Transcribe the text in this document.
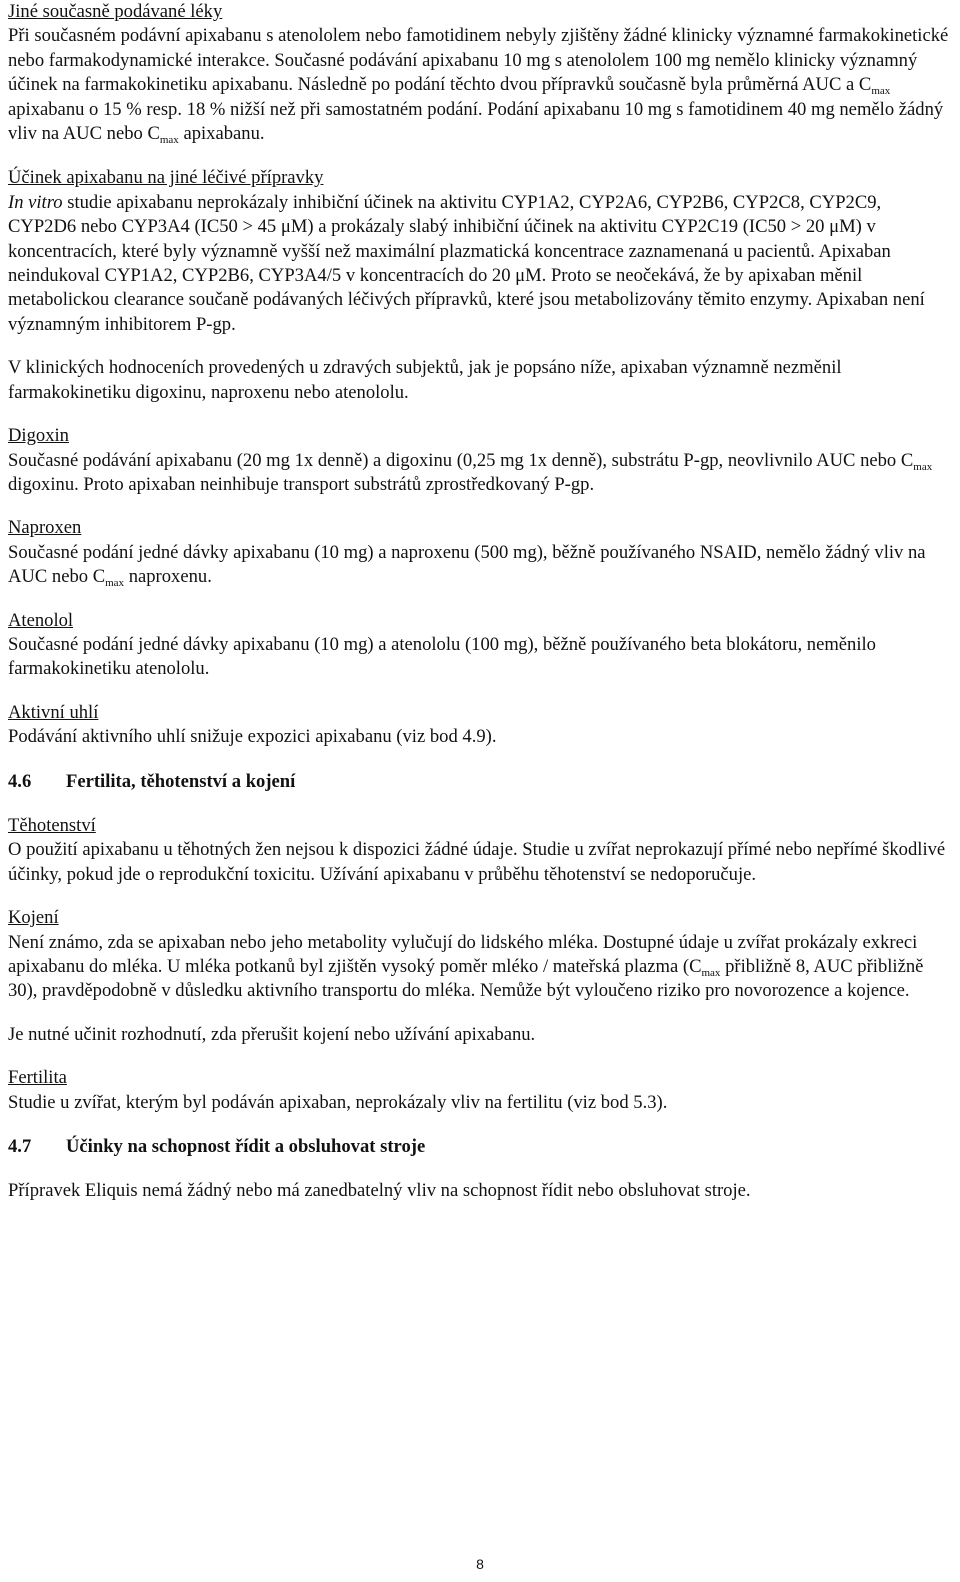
Jiné současně podávané léky
Při současném podávní apixabanu s atenololem nebo famotidinem nebyly zjištěny žádné klinicky významné farmakokinetické nebo farmakodynamické interakce. Současné podávání apixabanu 10 mg s atenololem 100 mg nemělo klinicky významný účinek na farmakokinetiku apixabanu. Následně po podání těchto dvou přípravků současně byla průměrná AUC a $C_{max}$ apixabanu o 15 % resp. 18 % nižší než při samostatném podání. Podání apixabanu 10 mg s famotidinem 40 mg nemělo žádný vliv na AUC nebo $C_{max}$ apixabanu.
Účinek apixabanu na jiné léčivé přípravky
In vitro studie apixabanu neprokázaly inhibiční účinek na aktivitu CYP1A2, CYP2A6, CYP2B6, CYP2C8, CYP2C9, CYP2D6 nebo CYP3A4 (IC50 > 45 μM) a prokázaly slabý inhibiční účinek na aktivitu CYP2C19 (IC50 > 20 μM) v koncentracích, které byly významně vyšší než maximální plazmatická koncentrace zaznamenaná u pacientů. Apixaban neindukoval CYP1A2, CYP2B6, CYP3A4/5 v koncentracích do 20 μM. Proto se neočekává, že by apixaban měnil metabolickou clearance součaně podávaných léčivých přípravků, které jsou metabolizovány těmito enzymy. Apixaban není významným inhibitorem P-gp.
V klinických hodnoceních provedených u zdravých subjektů, jak je popsáno níže, apixaban významně nezměnil farmakokinetiku digoxinu, naproxenu nebo atenololu.
Digoxin
Současné podávání apixabanu (20 mg 1x denně) a digoxinu (0,25 mg 1x denně), substrátu P-gp, neovlivnilo AUC nebo $C_{max}$ digoxinu. Proto apixaban neinhibuje transport substrátů zprostředkovaný P-gp.
Naproxen
Současné podání jedné dávky apixabanu (10 mg) a naproxenu (500 mg), běžně používaného NSAID, nemělo žádný vliv na AUC nebo $C_{max}$ naproxenu.
Atenolol
Současné podání jedné dávky apixabanu (10 mg) a atenololu (100 mg), běžně používaného beta blokátoru, neměnilo farmakokinetiku atenololu.
Aktivní uhlí
Podávání aktivního uhlí snižuje expozici apixabanu (viz bod 4.9).
4.6 Fertilita, těhotenství a kojení
Těhotenství
O použití apixabanu u těhotných žen nejsou k dispozici žádné údaje. Studie u zvířat neprokazují přímé nebo nepřímé škodlivé účinky, pokud jde o reprodukční toxicitu. Užívání apixabanu v průběhu těhotenství se nedoporučuje.
Kojení
Není známo, zda se apixaban nebo jeho metabolity vylučují do lidského mléka. Dostupné údaje u zvířat prokázaly exkreci apixabanu do mléka. U mléka potkanů byl zjištěn vysoký poměr mléko / mateřská plazma ($C_{max}$ přibližně 8, AUC přibližně 30), pravděpodobně v důsledku aktivního transportu do mléka. Nemůže být vyloučeno riziko pro novorozence a kojence.
Je nutné učinit rozhodnutí, zda přerušit kojení nebo užívání apixabanu.
Fertilita
Studie u zvířat, kterým byl podáván apixaban, neprokázaly vliv na fertilitu (viz bod 5.3).
4.7 Účinky na schopnost řídit a obsluhovat stroje
Přípravek Eliquis nemá žádný nebo má zanedbatelný vliv na schopnost řídit nebo obsluhovat stroje.
8
